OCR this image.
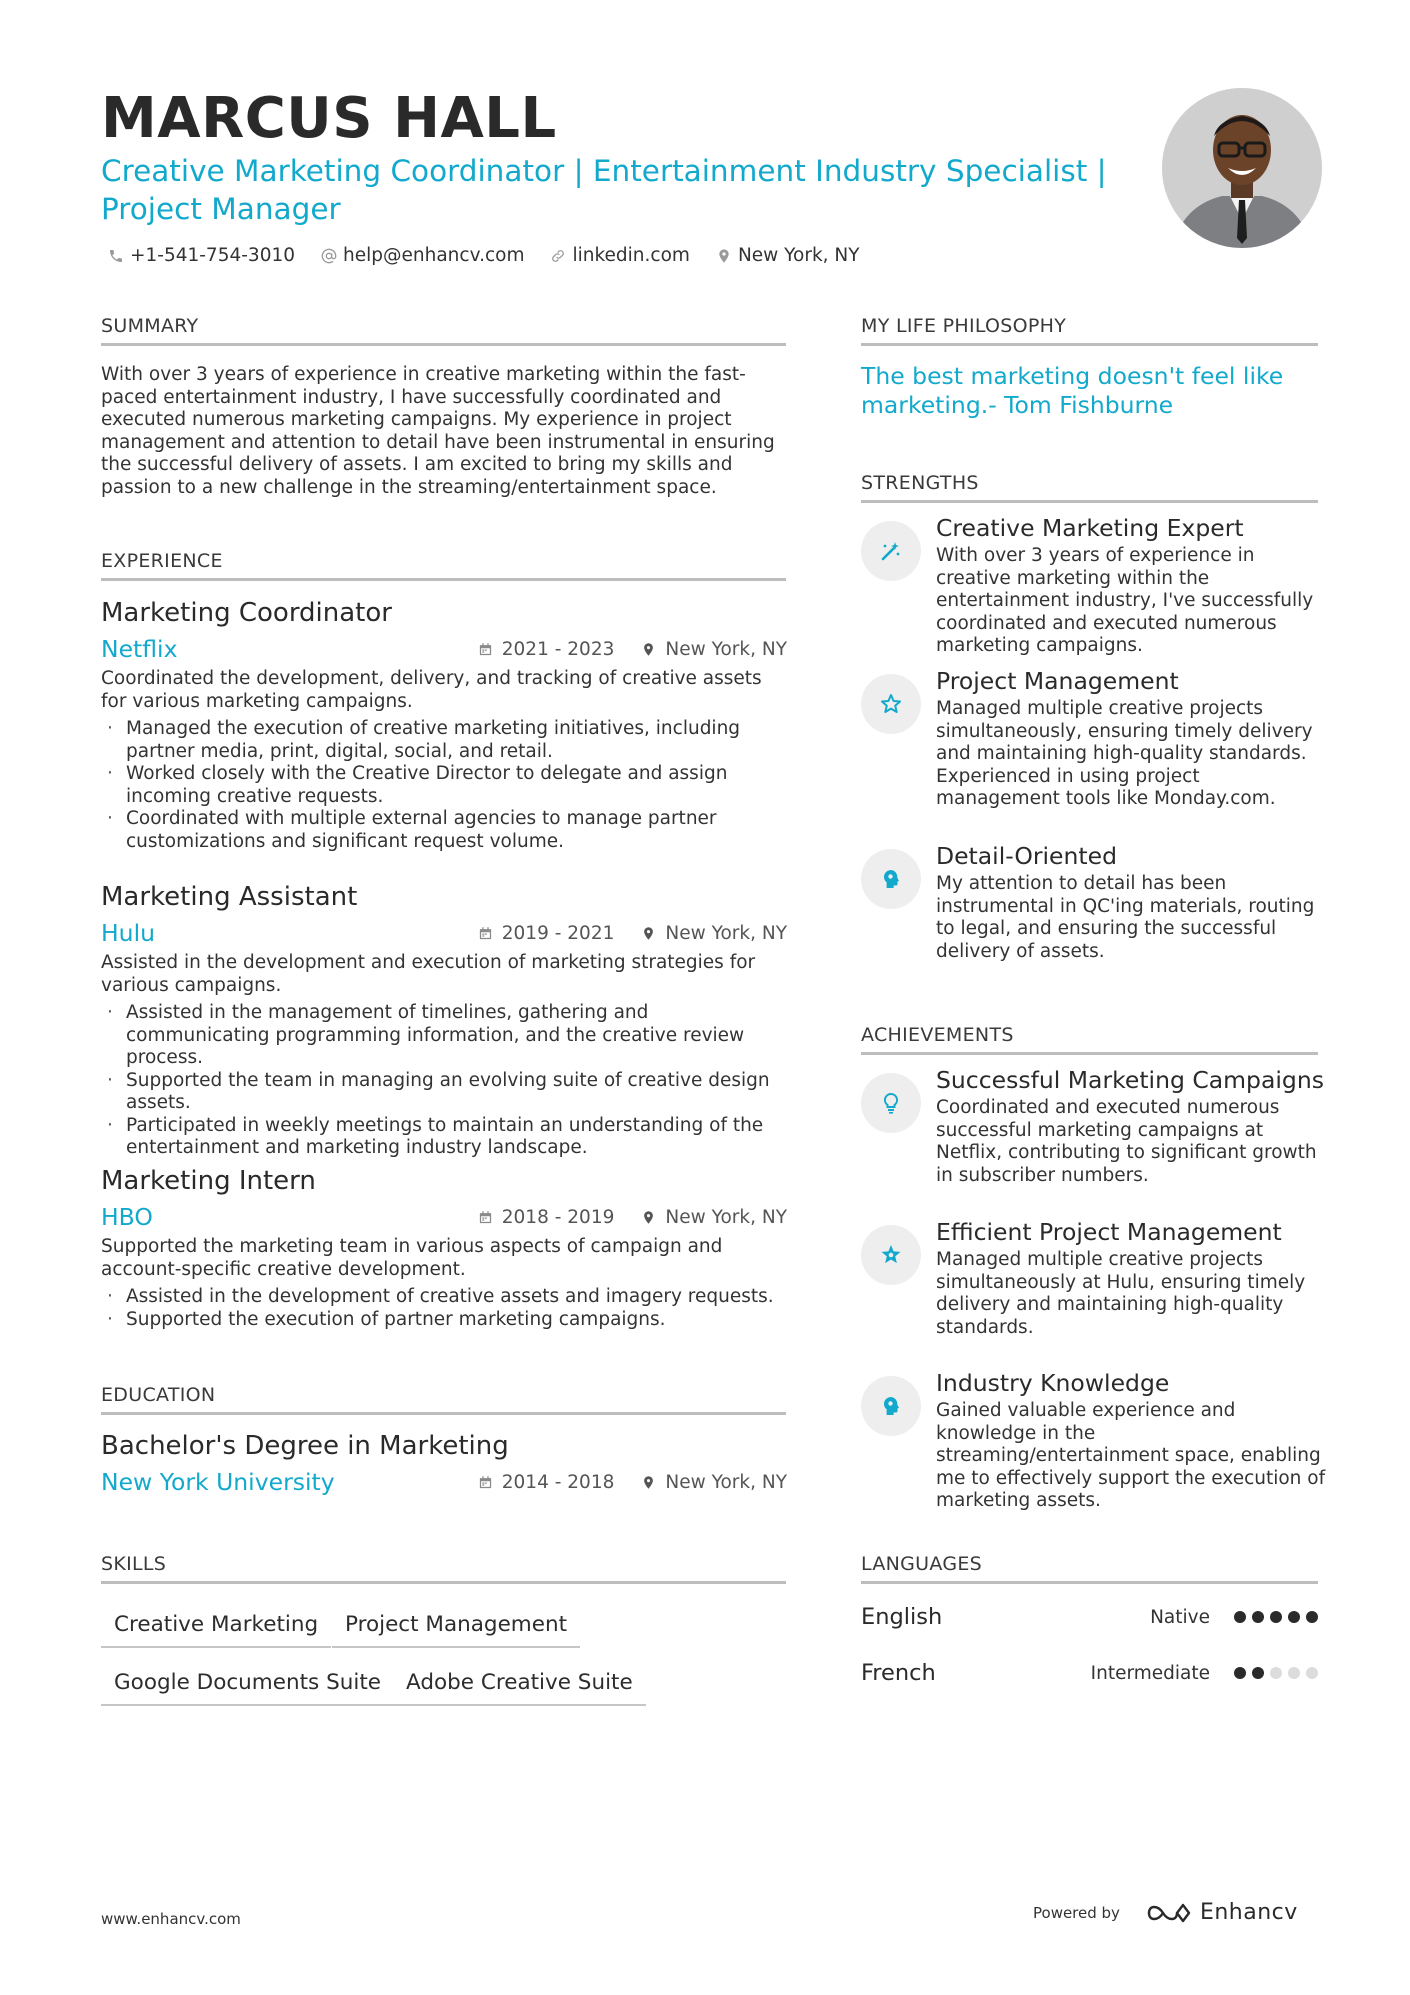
MARCUS HALL
Creative Marketing Coordinator | Entertainment Industry Specialist |
Project Manager
+1-541-754-3010	help@enhancv.com	linkedin.com	New York, NY
SUMMARY
With over 3 years of experience in creative marketing within the fast-paced entertainment industry, I have successfully coordinated and executed numerous marketing campaigns. My experience in project management and attention to detail have been instrumental in ensuring the successful delivery of assets. I am excited to bring my skills and passion to a new challenge in the streaming/entertainment space.
EXPERIENCE
Marketing Coordinator
Netflix	2021 - 2023	New York, NY
Coordinated the development, delivery, and tracking of creative assets for various marketing campaigns.
· Managed the execution of creative marketing initiatives, including partner media, print, digital, social, and retail.
· Worked closely with the Creative Director to delegate and assign incoming creative requests.
· Coordinated with multiple external agencies to manage partner customizations and significant request volume.
Marketing Assistant
Hulu	2019 - 2021	New York, NY
Assisted in the development and execution of marketing strategies for various campaigns.
· Assisted in the management of timelines, gathering and communicating programming information, and the creative review process.
· Supported the team in managing an evolving suite of creative design assets.
· Participated in weekly meetings to maintain an understanding of the entertainment and marketing industry landscape.
Marketing Intern
HBO	2018 - 2019	New York, NY
Supported the marketing team in various aspects of campaign and account-specific creative development.
· Assisted in the development of creative assets and imagery requests.
· Supported the execution of partner marketing campaigns.
EDUCATION
Bachelor's Degree in Marketing
New York University	2014 - 2018	New York, NY
SKILLS
Creative Marketing	Project Management
Google Documents Suite	Adobe Creative Suite
MY LIFE PHILOSOPHY
The best marketing doesn't feel like
marketing.- Tom Fishburne
STRENGTHS
Creative Marketing Expert
With over 3 years of experience in creative marketing within the entertainment industry, I've successfully coordinated and executed numerous marketing campaigns.
Project Management
Managed multiple creative projects simultaneously, ensuring timely delivery and maintaining high-quality standards. Experienced in using project management tools like Monday.com.
Detail-Oriented
My attention to detail has been instrumental in QC'ing materials, routing to legal, and ensuring the successful delivery of assets.
ACHIEVEMENTS
Successful Marketing Campaigns
Coordinated and executed numerous successful marketing campaigns at Netflix, contributing to significant growth in subscriber numbers.
Efficient Project Management
Managed multiple creative projects simultaneously at Hulu, ensuring timely delivery and maintaining high-quality standards.
Industry Knowledge
Gained valuable experience and knowledge in the streaming/entertainment space, enabling me to effectively support the execution of marketing assets.
LANGUAGES
English	Native
French	Intermediate
www.enhancv.com	Powered by	Enhancv
